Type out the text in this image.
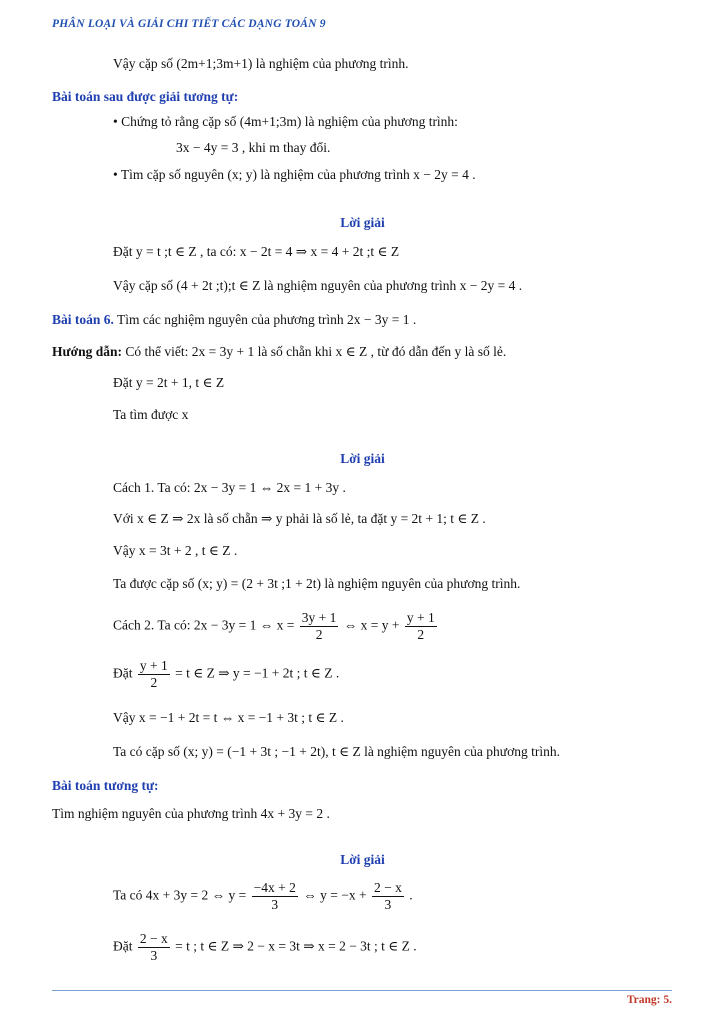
PHÂN LOẠI VÀ GIẢI CHI TIẾT CÁC DẠNG TOÁN 9
Vậy cặp số (2m+1;3m+1) là nghiệm của phương trình.
Bài toán sau được giải tương tự:
• Chứng tỏ rằng cặp số (4m+1;3m) là nghiệm của phương trình:
3x − 4y = 3 , khi m thay đổi.
• Tìm cặp số nguyên (x; y) là nghiệm của phương trình x − 2y = 4 .
Lời giải
Đặt y = t ;t ∈ Z , ta có: x − 2t = 4 ⇒ x = 4 + 2t ;t ∈ Z
Vậy cặp số (4 + 2t ;t);t ∈ Z là nghiệm nguyên của phương trình x − 2y = 4 .
Bài toán 6. Tìm các nghiệm nguyên của phương trình 2x − 3y = 1 .
Hướng dẫn: Có thể viết: 2x = 3y + 1 là số chẵn khi x ∈ Z , từ đó dẫn đến y là số lẻ.
Đặt y = 2t + 1, t ∈ Z
Ta tìm được x
Lời giải
Cách 1. Ta có: 2x − 3y = 1 ⇔ 2x = 1 + 3y .
Với x ∈ Z ⇒ 2x là số chẵn ⇒ y phải là số lẻ, ta đặt y = 2t + 1; t ∈ Z .
Vậy x = 3t + 2 , t ∈ Z .
Ta được cặp số (x; y) = (2 + 3t ;1 + 2t) là nghiệm nguyên của phương trình.
Cách 2. Ta có: 2x − 3y = 1 ⇔ $x = \frac{3y + 1}{2}$ ⇔ $x = y + \frac{y + 1}{2}$
Đặt $\frac{y + 1}{2} = t$ ∈ Z ⇒ y = −1 + 2t ; t ∈ Z .
Vậy x = −1 + 2t = t ⇔ x = −1 + 3t ; t ∈ Z .
Ta có cặp số (x; y) = (−1 + 3t ; −1 + 2t), t ∈ Z là nghiệm nguyên của phương trình.
Bài toán tương tự:
Tìm nghiệm nguyên của phương trình 4x + 3y = 2 .
Lời giải
Ta có 4x + 3y = 2 ⇔ $y = \frac{-4x + 2}{3}$ ⇔ $y = -x + \frac{2 - x}{3}$ .
Đặt $\frac{2 - x}{3} = t$ ; t ∈ Z ⇒ 2 − x = 3t ⇒ x = 2 − 3t ; t ∈ Z .
Trang: 5.
